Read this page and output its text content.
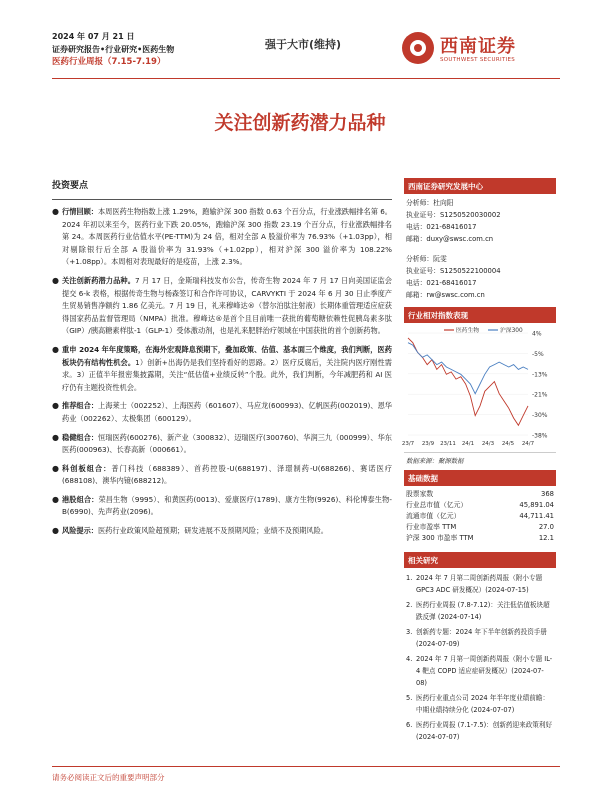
2024 年 07 月 21 日
证券研究报告•行业研究•医药生物
医药行业周报（7.15-7.19）
强于大市(维持)	西南证券
SOUTHWEST SECURITIES
关注创新药潜力品种
投资要点
● 行情回顾：本周医药生物指数上涨 1.29%，跑输沪深 300 指数 0.63 个百分点，行业涨跌幅排名第 6。2024 年初以来至今，医药行业下跌 20.05%，跑输沪深 300 指数 23.19 个百分点，行业涨跌幅排名第 24。本周医药行业估值水平(PE-TTM)为 24 倍，相对全部 A 股溢价率为 76.93%（+1.03pp），相对剔除银行后全部 A 股溢价率为 31.93%（+1.02pp），相对沪深 300 溢价率为 108.22%（+1.08pp）。本周相对表现最好的是疫苗，上涨 2.3%。
● 关注创新药潜力品种。7 月 17 日，金斯瑞科技发布公告，传奇生物 2024 年 7 月 17 日向美国证监会提交 6-k 表格，根据传奇生物与杨森签订和合作许可协议，CARVYKTI 于 2024 年 6 月 30 日止季度产生贸易销售净额约 1.86 亿美元。7 月 19 日，礼来穆峰达®（替尔泊肽注射液）长期体重管理适应症获得国家药品监督管理局（NMPA）批准。穆峰达®是首个且目前唯一获批的葡萄糖依赖性促胰岛素多肽（GIP）/胰高糖素样肽-1（GLP-1）受体激动剂，也是礼来肥胖治疗领域在中国获批的首个创新药物。
● 重申 2024 年年度策略，在海外宏观降息预期下，叠加政策、估值、基本面三个维度，我们判断，医药板块仍有结构性机会。1）创新+出海仍是我们坚持看好的思路。2）医疗反腐后，关注院内医疗刚性需求。3）正值半年报密集披露期，关注“低估值+业绩反转”个股。此外，我们判断，今年减肥药和 AI 医疗仍有主题投资性机会。
● 推荐组合：上海莱士（002252）、上海医药（601607）、马应龙(600993)、亿帆医药(002019)、恩华药业（002262）、太极集团（600129）。
● 稳健组合：恒瑞医药(600276)、新产业（300832）、迈瑞医疗(300760)、华润三九（000999）、华东医药(000963)、长春高新（000661）。
● 科创板组合：普门科技（688389）、首药控股-U(688197)、泽璟制药-U(688266)、赛诺医疗(688108)、澳华内镜(688212)。
● 港股组合：荣昌生物（9995）、和黄医药(0013)、爱康医疗(1789)、康方生物(9926)、科伦博泰生物-B(6990)、先声药业(2096)。
● 风险提示：医药行业政策风险超预期；研发进展不及预期风险；业绩不及预期风险。
西南证券研究发展中心
分析师：杜向阳
执业证号：S1250520030002
电话：021-68416017
邮箱：duxy@swsc.com.cn
分析师：阮雯
执业证号：S1250522100004
电话：021-68416017
邮箱：rw@swsc.com.cn
行业相对指数表现
4%
-5%
-13%
-21%
-30%
-38%
23/7 23/9 23/11 24/1 24/3 24/5 24/7
医药生物	沪深300
数据来源：聚源数据
基础数据
股票家数	368
行业总市值（亿元）	45,891.04
流通市值（亿元）	44,711.41
行业市盈率 TTM	27.0
沪深 300 市盈率 TTM	12.1
相关研究
1. 2024 年 7 月第二周创新药周报（附小专题 GPC3 ADC 研发概况）(2024-07-15)
2. 医药行业周报 (7.8-7.12)：关注低估值板块超跌反弹 (2024-07-14)
3. 创新药专题：2024 年下半年创新药投资手册 (2024-07-09)
4. 2024 年 7 月第一周创新药周报（附小专题 IL-4 靶点 COPD 适应症研发概况）(2024-07-08)
5. 医药行业重点公司 2024 年半年度业绩前瞻：中期业绩持续分化 (2024-07-07)
6. 医药行业周报 (7.1-7.5)：创新药迎来政策利好 (2024-07-07)
请务必阅读正文后的重要声明部分
